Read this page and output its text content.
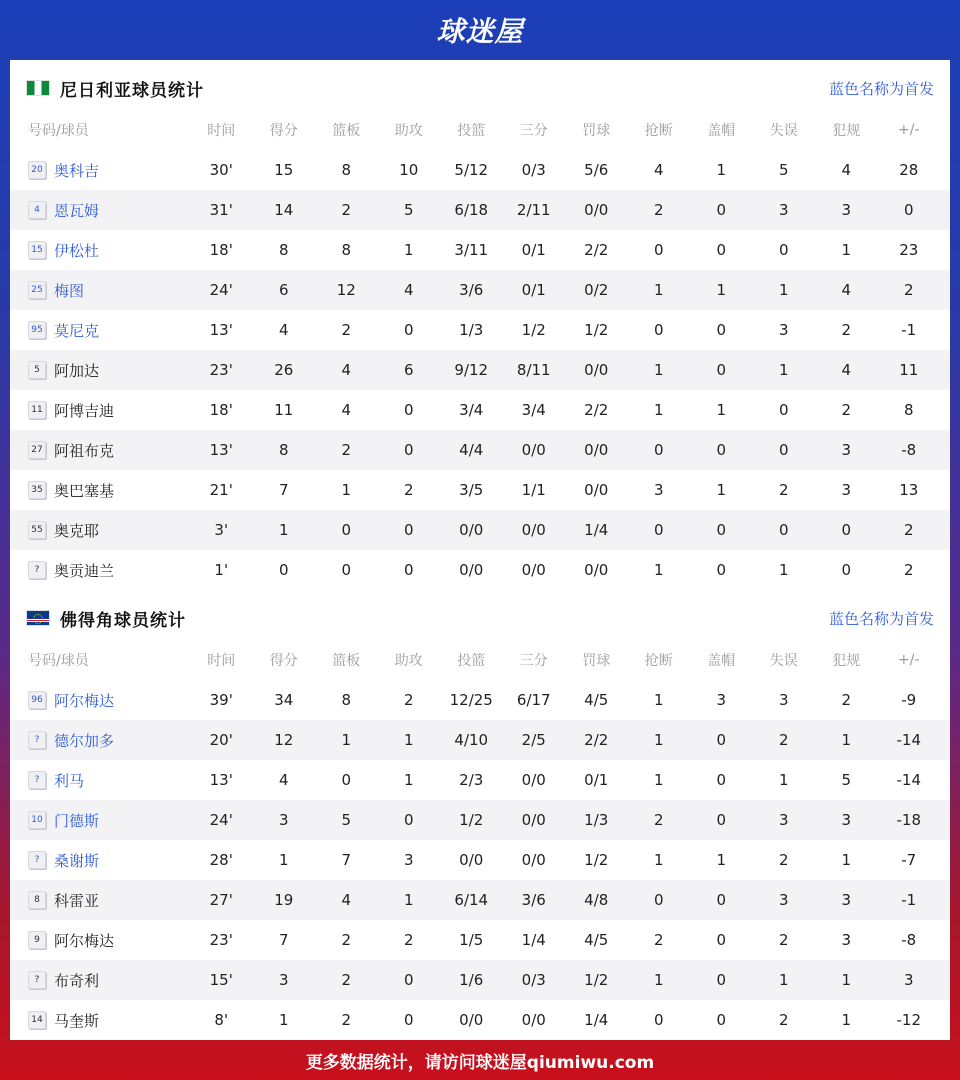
球迷屋
尼日利亚球员统计	蓝色名称为首发
号码/球员	时间	得分	篮板	助攻	投篮	三分	罚球	抢断	盖帽	失误	犯规	+/-
20 奥科吉	30'	15	8	10	5/12	0/3	5/6	4	1	5	4	28
4 恩瓦姆	31'	14	2	5	6/18	2/11	0/0	2	0	3	3	0
15 伊松杜	18'	8	8	1	3/11	0/1	2/2	0	0	0	1	23
25 梅图	24'	6	12	4	3/6	0/1	0/2	1	1	1	4	2
95 莫尼克	13'	4	2	0	1/3	1/2	1/2	0	0	3	2	-1
5 阿加达	23'	26	4	6	9/12	8/11	0/0	1	0	1	4	11
11 阿博吉迪	18'	11	4	0	3/4	3/4	2/2	1	1	0	2	8
27 阿祖布克	13'	8	2	0	4/4	0/0	0/0	0	0	0	3	-8
35 奥巴塞基	21'	7	1	2	3/5	1/1	0/0	3	1	2	3	13
55 奥克耶	3'	1	0	0	0/0	0/0	1/4	0	0	0	0	2
? 奥贡迪兰	1'	0	0	0	0/0	0/0	0/0	1	0	1	0	2
佛得角球员统计	蓝色名称为首发
号码/球员	时间	得分	篮板	助攻	投篮	三分	罚球	抢断	盖帽	失误	犯规	+/-
96 阿尔梅达	39'	34	8	2	12/25	6/17	4/5	1	3	3	2	-9
? 德尔加多	20'	12	1	1	4/10	2/5	2/2	1	0	2	1	-14
? 利马	13'	4	0	1	2/3	0/0	0/1	1	0	1	5	-14
10 门德斯	24'	3	5	0	1/2	0/0	1/3	2	0	3	3	-18
? 桑谢斯	28'	1	7	3	0/0	0/0	1/2	1	1	2	1	-7
8 科雷亚	27'	19	4	1	6/14	3/6	4/8	0	0	3	3	-1
9 阿尔梅达	23'	7	2	2	1/5	1/4	4/5	2	0	2	3	-8
? 布奇利	15'	3	2	0	1/6	0/3	1/2	1	0	1	1	3
14 马奎斯	8'	1	2	0	0/0	0/0	1/4	0	0	2	1	-12
更多数据统计，请访问球迷屋qiumiwu.com
